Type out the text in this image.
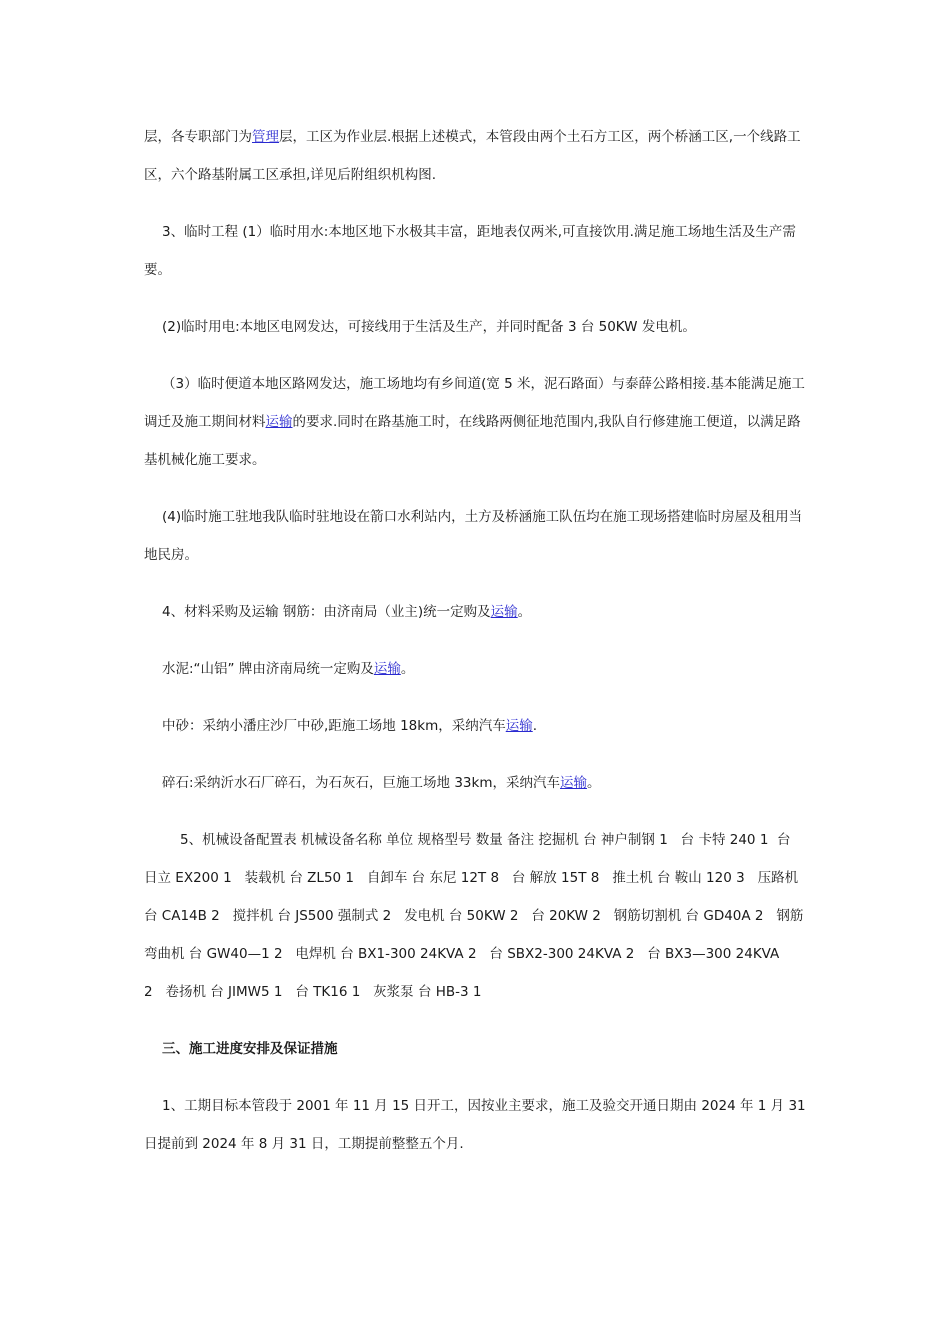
层，各专职部门为管理层，工区为作业层.根据上述模式，本管段由两个土石方工区，两个桥涵工区,一个线路工区，六个路基附属工区承担,详见后附组织机构图.

3、临时工程 (1）临时用水:本地区地下水极其丰富，距地表仅两米,可直接饮用.满足施工场地生活及生产需要。

(2)临时用电:本地区电网发达，可接线用于生活及生产，并同时配备 3 台 50KW 发电机。

（3）临时便道本地区路网发达，施工场地均有乡间道(宽 5 米，泥石路面）与泰薛公路相接.基本能满足施工调迁及施工期间材料运输的要求.同时在路基施工时，在线路两侧征地范围内,我队自行修建施工便道，以满足路基机械化施工要求。

(4)临时施工驻地我队临时驻地设在箭口水利站内，土方及桥涵施工队伍均在施工现场搭建临时房屋及租用当地民房。

4、材料采购及运输 钢筋：由济南局（业主)统一定购及运输。

水泥:“山铝” 牌由济南局统一定购及运输。

中砂：采纳小潘庄沙厂中砂,距施工场地 18km，采纳汽车运输.

碎石:采纳沂水石厂碎石，为石灰石，巨施工场地 33km，采纳汽车运输。

5、机械设备配置表 机械设备名称 单位 规格型号 数量 备注 挖掘机 台 神户制钢 1   台 卡特 240 1  台 日立 EX200 1   装载机 台 ZL50 1   自卸车 台 东尼 12T 8   台 解放 15T 8   推土机 台 鞍山 120 3   压路机 台 CA14B 2   搅拌机 台 JS500 强制式 2   发电机 台 50KW 2   台 20KW 2   钢筋切割机 台 GD40A 2   钢筋弯曲机 台 GW40—1 2   电焊机 台 BX1-300 24KVA 2   台 SBX2-300 24KVA 2   台 BX3—300 24KVA 2   卷扬机 台 JIMW5 1   台 TK16 1   灰浆泵 台 HB-3 1

三、施工进度安排及保证措施

1、工期目标本管段于 2001 年 11 月 15 日开工，因按业主要求，施工及验交开通日期由 2024 年 1 月 31 日提前到 2024 年 8 月 31 日，工期提前整整五个月.
